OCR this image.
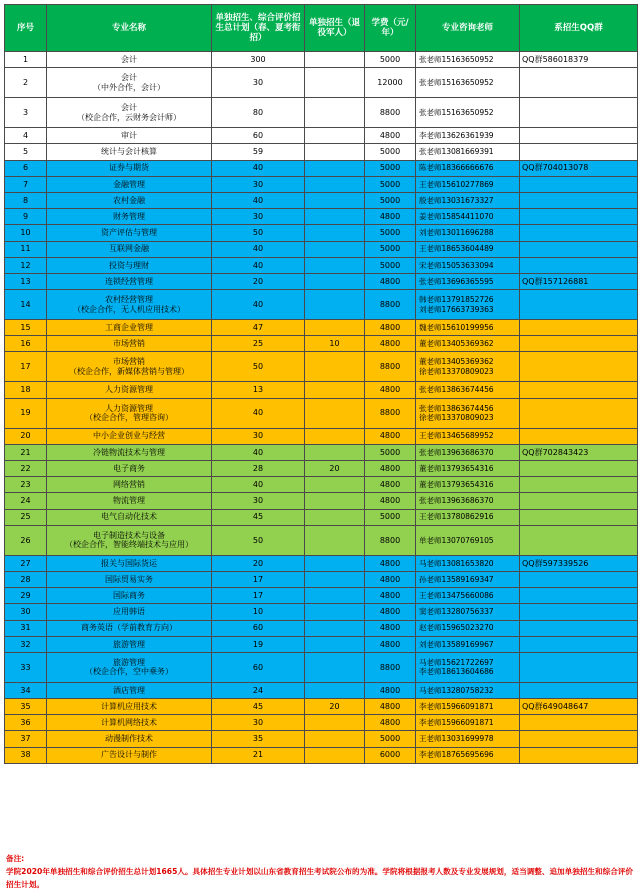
序号	专业名称	单独招生、综合评价招生总计划（春、夏考衔招）	单独招生（退役军人）	学费（元/年）	专业咨询老师	系招生QQ群
1	会计	300		5000	张老师15163650952	QQ群586018379
2	会计
（中外合作，会计）	30		12000	张老师15163650952	
3	会计
（校企合作，云财务会计师）	80		8800	张老师15163650952	
4	审计	60		4800	李老师13626361939	
5	统计与会计核算	59		5000	张老师13081669391	
6	证券与期货	40		5000	陈老师18366666676	QQ群704013078
7	金融管理	30		5000	王老师15610277869	
8	农村金融	40		5000	殷老师13031673327	
9	财务管理	30		4800	姜老师15854411070	
10	资产评估与管理	50		5000	刘老师13011696288	
11	互联网金融	40		5000	王老师18653604489	
12	投资与理财	40		5000	宋老师15053633094	
13	连锁经营管理	20		4800	张老师13696365595	QQ群157126881
14	农村经营管理
（校企合作，无人机应用技术）	40		8800	韩老师13791852726
刘老师17663739363	
15	工商企业管理	47		4800	魏老师15610199956	
16	市场营销	25	10	4800	董老师13405369362	
17	市场营销
（校企合作，新媒体营销与管理）	50		8800	董老师13405369362
徐老师13370809023	
18	人力资源管理	13		4800	张老师13863674456	
19	人力资源管理
（校企合作，管理咨询）	40		8800	张老师13863674456
徐老师13370809023	
20	中小企业创业与经营	30		4800	王老师13465689952	
21	冷链物流技术与管理	40		5000	张老师13963686370	QQ群702843423
22	电子商务	28	20	4800	董老师13793654316	
23	网络营销	40		4800	董老师13793654316	
24	物流管理	30		4800	张老师13963686370	
25	电气自动化技术	45		5000	王老师13780862916	
26	电子制造技术与设备
（校企合作，智能终端技术与应用）	50		8800	单老师13070769105	
27	报关与国际货运	20		4800	马老师13081653820	QQ群597339526
28	国际贸易实务	17		4800	孙老师13589169347	
29	国际商务	17		4800	王老师13475660086	
30	应用韩语	10		4800	窦老师13280756337	
31	商务英语（学前教育方向）	60		4800	赵老师15965023270	
32	旅游管理	19		4800	刘老师13589169967	
33	旅游管理
（校企合作，空中乘务）	60		8800	马老师15621722697
李老师18613604686	
34	酒店管理	24		4800	马老师13280758232	
35	计算机应用技术	45	20	4800	李老师15966091871	QQ群649048647
36	计算机网络技术	30		4800	李老师15966091871	
37	动漫制作技术	35		5000	王老师13031699978	
38	广告设计与制作	21		6000	李老师18765695696	
备注:
学院2020年单独招生和综合评价招生总计划1665人。具体招生专业计划以山东省教育招生考试院公布的为准。学院将根据报考人数及专业发展规划，适当调整、追加单独招生和综合评价招生计划。
